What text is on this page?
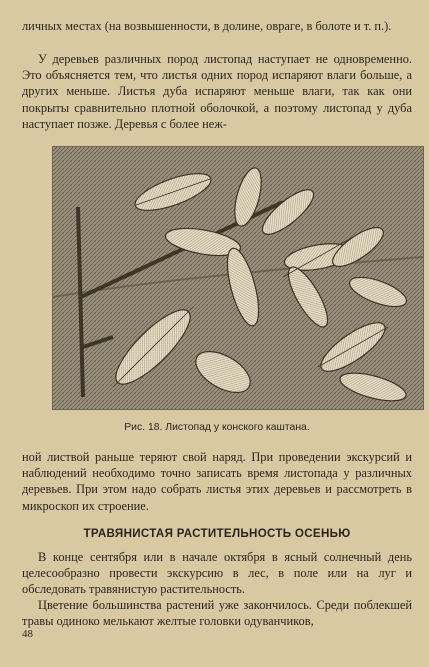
личных местах (на возвышенности, в долине, овраге, в болоте и т. п.).

У деревьев различных пород листопад наступает не одновременно. Это объясняется тем, что листья одних пород испаряют влаги больше, а других меньше. Листья дуба испаряют меньше влаги, так как они покрыты сравнительно плотной оболочкой, а поэтому листопад у дуба наступает позже. Деревья с более неж-

Рис. 18. Листопад у конского каштана.

ной листвой раньше теряют свой наряд. При проведении экскурсий и наблюдений необходимо точно записать время листопада у различных деревьев. При этом надо собрать листья этих деревьев и рассмотреть в микроскоп их строение.

ТРАВЯНИСТАЯ РАСТИТЕЛЬНОСТЬ ОСЕНЬЮ

В конце сентября или в начале октября в ясный солнечный день целесообразно провести экскурсию в лес, в поле или на луг и обследовать травянистую растительность.

Цветение большинства растений уже закончилось. Среди поблекшей травы одиноко мелькают желтые головки одуванчиков,

48
